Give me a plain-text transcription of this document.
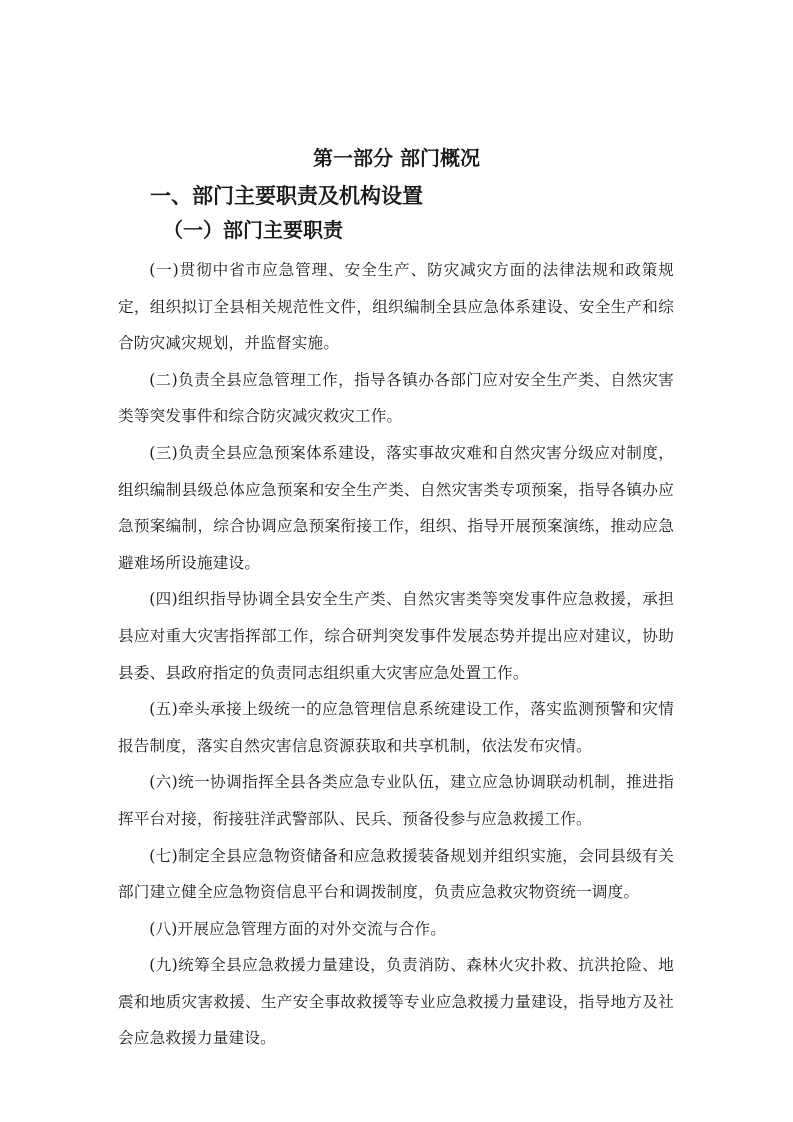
第一部分 部门概况
一、部门主要职责及机构设置
（一）部门主要职责

(一)贯彻中省市应急管理、安全生产、防灾减灾方面的法律法规和政策规定，组织拟订全县相关规范性文件，组织编制全县应急体系建设、安全生产和综合防灾减灾规划，并监督实施。

(二)负责全县应急管理工作，指导各镇办各部门应对安全生产类、自然灾害类等突发事件和综合防灾减灾救灾工作。

(三)负责全县应急预案体系建设，落实事故灾难和自然灾害分级应对制度，组织编制县级总体应急预案和安全生产类、自然灾害类专项预案，指导各镇办应急预案编制，综合协调应急预案衔接工作，组织、指导开展预案演练，推动应急避难场所设施建设。

(四)组织指导协调全县安全生产类、自然灾害类等突发事件应急救援，承担县应对重大灾害指挥部工作，综合研判突发事件发展态势并提出应对建议，协助县委、县政府指定的负责同志组织重大灾害应急处置工作。

(五)牵头承接上级统一的应急管理信息系统建设工作，落实监测预警和灾情报告制度，落实自然灾害信息资源获取和共享机制，依法发布灾情。

(六)统一协调指挥全县各类应急专业队伍，建立应急协调联动机制，推进指挥平台对接，衔接驻洋武警部队、民兵、预备役参与应急救援工作。

(七)制定全县应急物资储备和应急救援装备规划并组织实施，会同县级有关部门建立健全应急物资信息平台和调拨制度，负责应急救灾物资统一调度。

(八)开展应急管理方面的对外交流与合作。

(九)统筹全县应急救援力量建设，负责消防、森林火灾扑救、抗洪抢险、地震和地质灾害救援、生产安全事故救援等专业应急救援力量建设，指导地方及社会应急救援力量建设。
